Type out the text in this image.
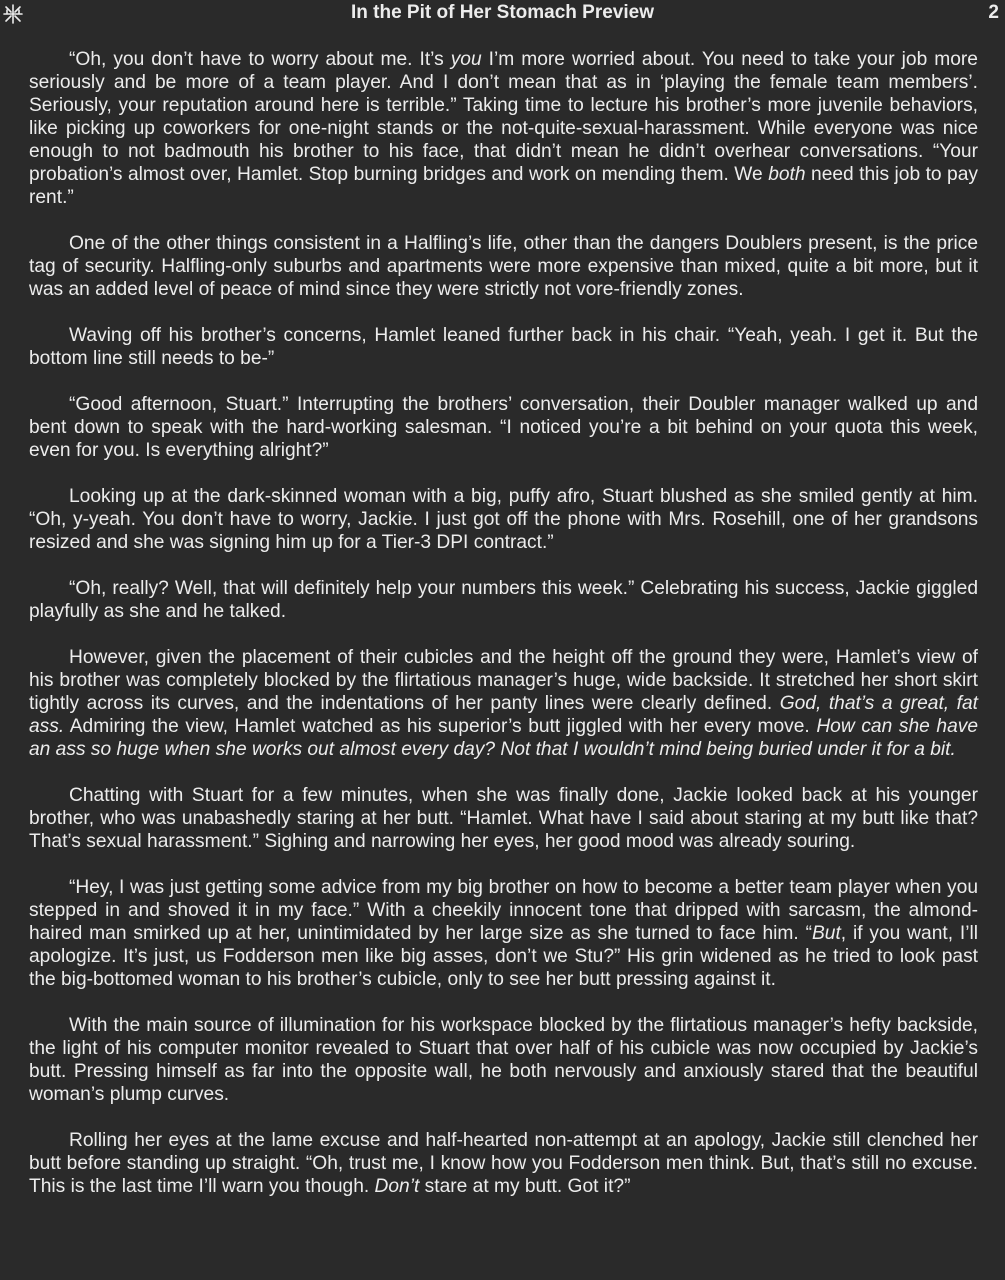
In the Pit of Her Stomach Preview	2

“Oh, you don’t have to worry about me. It’s you I’m more worried about. You need to take your job more seriously and be more of a team player. And I don’t mean that as in ‘playing the female team members’. Seriously, your reputation around here is terrible.” Taking time to lecture his brother’s more juvenile behaviors, like picking up coworkers for one-night stands or the not-quite-sexual-harassment. While everyone was nice enough to not badmouth his brother to his face, that didn’t mean he didn’t overhear conversations. “Your probation’s almost over, Hamlet. Stop burning bridges and work on mending them. We both need this job to pay rent.”

One of the other things consistent in a Halfling’s life, other than the dangers Doublers present, is the price tag of security. Halfling-only suburbs and apartments were more expensive than mixed, quite a bit more, but it was an added level of peace of mind since they were strictly not vore-friendly zones.

Waving off his brother’s concerns, Hamlet leaned further back in his chair. “Yeah, yeah. I get it. But the bottom line still needs to be-”

“Good afternoon, Stuart.” Interrupting the brothers’ conversation, their Doubler manager walked up and bent down to speak with the hard-working salesman. “I noticed you’re a bit behind on your quota this week, even for you. Is everything alright?”

Looking up at the dark-skinned woman with a big, puffy afro, Stuart blushed as she smiled gently at him. “Oh, y-yeah. You don’t have to worry, Jackie. I just got off the phone with Mrs. Rosehill, one of her grandsons resized and she was signing him up for a Tier-3 DPI contract.”

“Oh, really? Well, that will definitely help your numbers this week.” Celebrating his success, Jackie giggled playfully as she and he talked.

However, given the placement of their cubicles and the height off the ground they were, Hamlet’s view of his brother was completely blocked by the flirtatious manager’s huge, wide backside. It stretched her short skirt tightly across its curves, and the indentations of her panty lines were clearly defined. God, that’s a great, fat ass. Admiring the view, Hamlet watched as his superior’s butt jiggled with her every move. How can she have an ass so huge when she works out almost every day? Not that I wouldn’t mind being buried under it for a bit.

Chatting with Stuart for a few minutes, when she was finally done, Jackie looked back at his younger brother, who was unabashedly staring at her butt. “Hamlet. What have I said about staring at my butt like that? That’s sexual harassment.” Sighing and narrowing her eyes, her good mood was already souring.

“Hey, I was just getting some advice from my big brother on how to become a better team player when you stepped in and shoved it in my face.” With a cheekily innocent tone that dripped with sarcasm, the almond-haired man smirked up at her, unintimidated by her large size as she turned to face him. “But, if you want, I’ll apologize. It’s just, us Fodderson men like big asses, don’t we Stu?” His grin widened as he tried to look past the big-bottomed woman to his brother’s cubicle, only to see her butt pressing against it.

With the main source of illumination for his workspace blocked by the flirtatious manager’s hefty backside, the light of his computer monitor revealed to Stuart that over half of his cubicle was now occupied by Jackie’s butt. Pressing himself as far into the opposite wall, he both nervously and anxiously stared that the beautiful woman’s plump curves.

Rolling her eyes at the lame excuse and half-hearted non-attempt at an apology, Jackie still clenched her butt before standing up straight. “Oh, trust me, I know how you Fodderson men think. But, that’s still no excuse. This is the last time I’ll warn you though. Don’t stare at my butt. Got it?”
